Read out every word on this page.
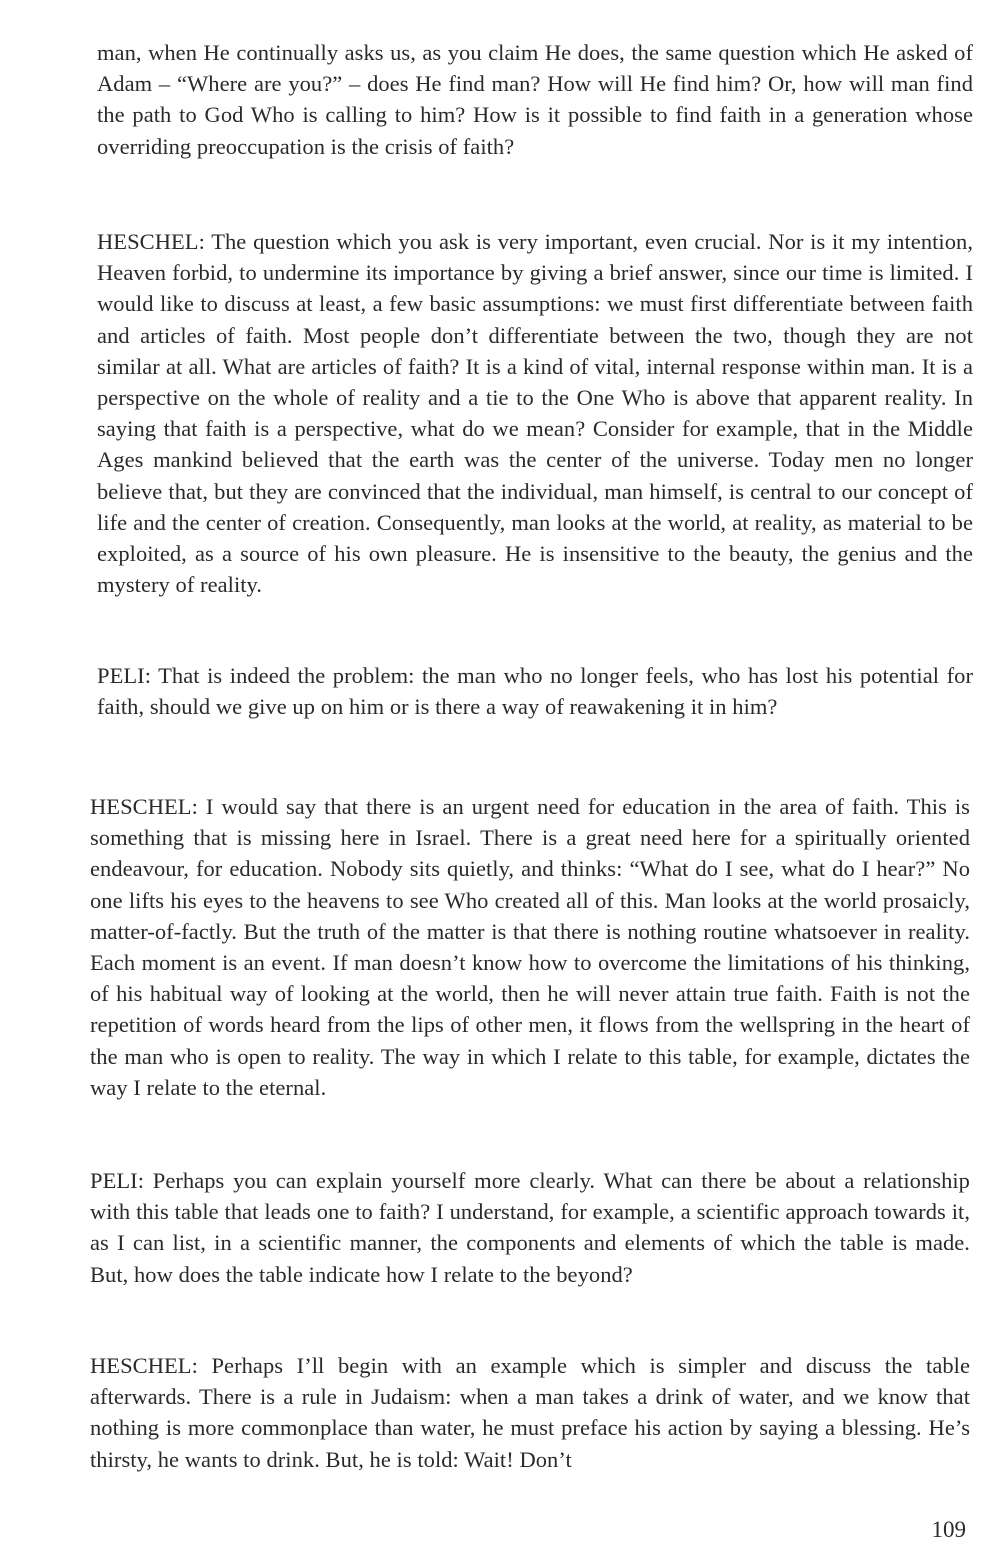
man, when He continually asks us, as you claim He does, the same question which He asked of Adam – “Where are you?” – does He find man? How will He find him? Or, how will man find the path to God Who is calling to him? How is it possible to find faith in a generation whose overriding preoccupation is the crisis of faith?

HESCHEL: The question which you ask is very important, even crucial. Nor is it my intention, Heaven forbid, to undermine its importance by giving a brief answer, since our time is limited. I would like to discuss at least, a few basic assumptions: we must first differentiate between faith and articles of faith. Most people don’t differentiate between the two, though they are not similar at all. What are articles of faith? It is a kind of vital, internal response within man. It is a perspective on the whole of reality and a tie to the One Who is above that apparent reality. In saying that faith is a perspective, what do we mean? Consider for example, that in the Middle Ages mankind believed that the earth was the center of the universe. Today men no longer believe that, but they are convinced that the individual, man himself, is central to our concept of life and the center of creation. Consequently, man looks at the world, at reality, as material to be exploited, as a source of his own pleasure. He is insensitive to the beauty, the genius and the mystery of reality.

PELI: That is indeed the problem: the man who no longer feels, who has lost his potential for faith, should we give up on him or is there a way of reawakening it in him?

HESCHEL: I would say that there is an urgent need for education in the area of faith. This is something that is missing here in Israel. There is a great need here for a spiritually oriented endeavour, for education. Nobody sits quietly, and thinks: “What do I see, what do I hear?” No one lifts his eyes to the heavens to see Who created all of this. Man looks at the world prosaicly, matter-of-factly. But the truth of the matter is that there is nothing routine whatsoever in reality. Each moment is an event. If man doesn’t know how to overcome the limitations of his thinking, of his habitual way of looking at the world, then he will never attain true faith. Faith is not the repetition of words heard from the lips of other men, it flows from the wellspring in the heart of the man who is open to reality. The way in which I relate to this table, for example, dictates the way I relate to the eternal.

PELI: Perhaps you can explain yourself more clearly. What can there be about a relationship with this table that leads one to faith? I understand, for example, a scientific approach towards it, as I can list, in a scientific manner, the components and elements of which the table is made. But, how does the table indicate how I relate to the beyond?

HESCHEL: Perhaps I’ll begin with an example which is simpler and discuss the table afterwards. There is a rule in Judaism: when a man takes a drink of water, and we know that nothing is more commonplace than water, he must preface his action by saying a blessing. He’s thirsty, he wants to drink. But, he is told: Wait! Don’t

109
